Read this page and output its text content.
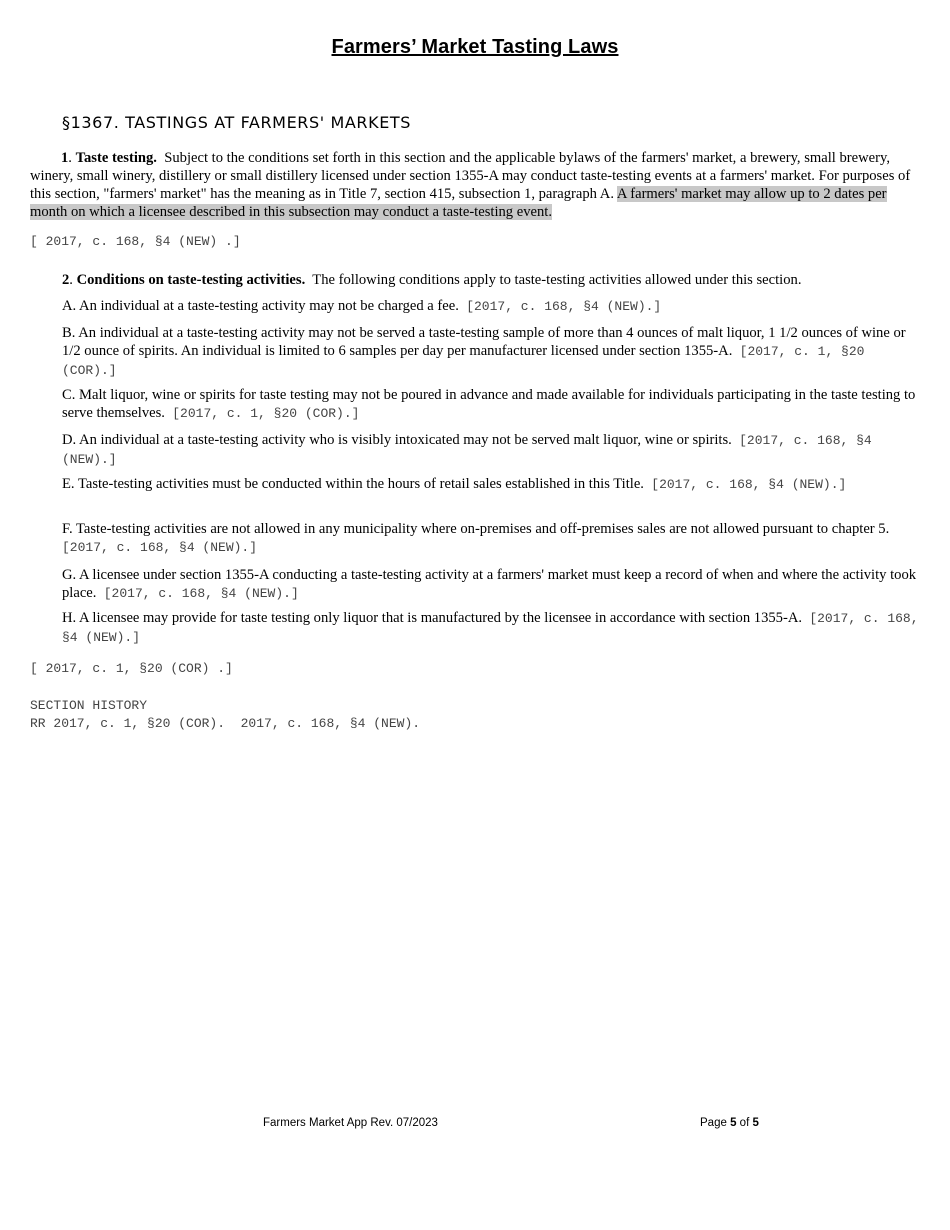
Farmers’ Market Tasting Laws
§1367. TASTINGS AT FARMERS' MARKETS

1. Taste testing. Subject to the conditions set forth in this section and the applicable bylaws of the farmers' market, a brewery, small brewery, winery, small winery, distillery or small distillery licensed under section 1355-A may conduct taste-testing events at a farmers' market. For purposes of this section, "farmers' market" has the meaning as in Title 7, section 415, subsection 1, paragraph A. A farmers' market may allow up to 2 dates per month on which a licensee described in this subsection may conduct a taste-testing event.

[ 2017, c. 168, §4 (NEW) .]

2. Conditions on taste-testing activities. The following conditions apply to taste-testing activities allowed under this section.

A. An individual at a taste-testing activity may not be charged a fee. [2017, c. 168, §4 (NEW).]

B. An individual at a taste-testing activity may not be served a taste-testing sample of more than 4 ounces of malt liquor, 1 1/2 ounces of wine or 1/2 ounce of spirits. An individual is limited to 6 samples per day per manufacturer licensed under section 1355-A. [2017, c. 1, §20 (COR).]

C. Malt liquor, wine or spirits for taste testing may not be poured in advance and made available for individuals participating in the taste testing to serve themselves. [2017, c. 1, §20 (COR).]

D. An individual at a taste-testing activity who is visibly intoxicated may not be served malt liquor, wine or spirits. [2017, c. 168, §4 (NEW).]

E. Taste-testing activities must be conducted within the hours of retail sales established in this Title. [2017, c. 168, §4 (NEW).]

F. Taste-testing activities are not allowed in any municipality where on-premises and off-premises sales are not allowed pursuant to chapter 5.  [2017, c. 168, §4 (NEW).]

G. A licensee under section 1355-A conducting a taste-testing activity at a farmers' market must keep a record of when and where the activity took place. [2017, c. 168, §4 (NEW).]

H. A licensee may provide for taste testing only liquor that is manufactured by the licensee in accordance with section 1355-A. [2017, c. 168, §4 (NEW).]

[ 2017, c. 1, §20 (COR) .]

SECTION HISTORY
RR 2017, c. 1, §20 (COR).  2017, c. 168, §4 (NEW).
Farmers Market App Rev. 07/2023	Page 5 of 5
